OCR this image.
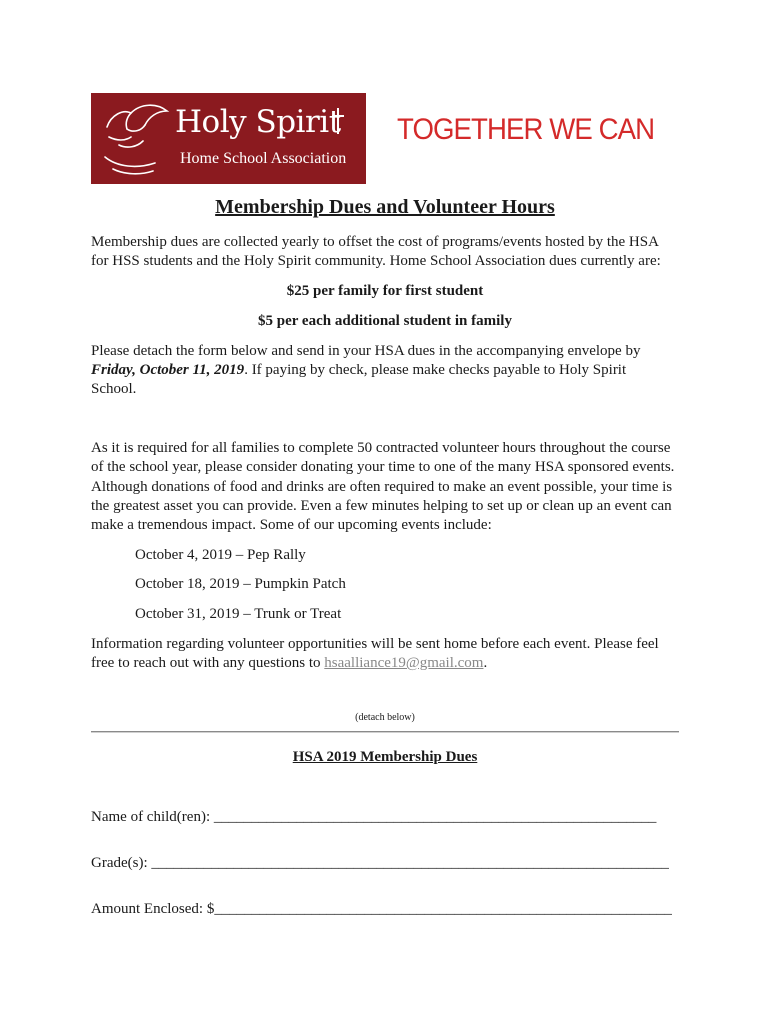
Holy Spirit
Home School Association
TOGETHER WE CAN
Membership Dues and Volunteer Hours
Membership dues are collected yearly to offset the cost of programs/events hosted by the HSA
for HSS students and the Holy Spirit community. Home School Association dues currently are:
$25 per family for first student
$5 per each additional student in family
Please detach the form below and send in your HSA dues in the accompanying envelope by
Friday, October 11, 2019. If paying by check, please make checks payable to Holy Spirit
School.
As it is required for all families to complete 50 contracted volunteer hours throughout the course
of the school year, please consider donating your time to one of the many HSA sponsored events.
Although donations of food and drinks are often required to make an event possible, your time is
the greatest asset you can provide. Even a few minutes helping to set up or clean up an event can
make a tremendous impact. Some of our upcoming events include:
October 4, 2019 – Pep Rally
October 18, 2019 – Pumpkin Patch
October 31, 2019 – Trunk or Treat
Information regarding volunteer opportunities will be sent home before each event. Please feel
free to reach out with any questions to hsaalliance19@gmail.com.
(detach below)
HSA 2019 Membership Dues
Name of child(ren): ___________________________________________________________
Grade(s): _____________________________________________________________________
Amount Enclosed: $_____________________________________________________________
